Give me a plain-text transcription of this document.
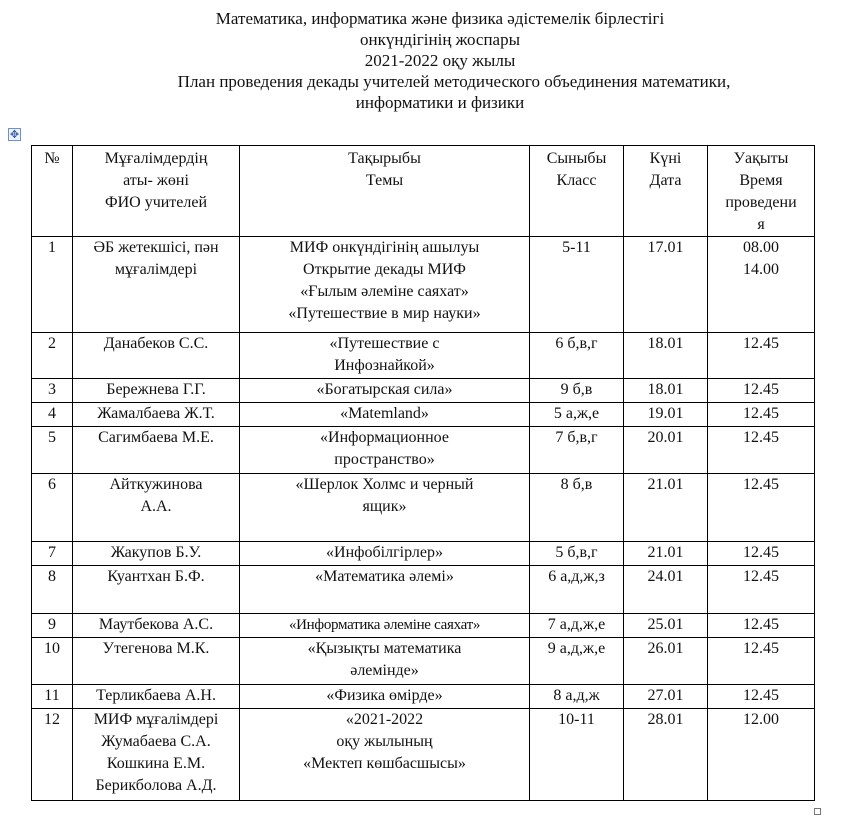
Математика, информатика және физика әдістемелік бірлестігі
онкүндігінің жоспары
2021-2022 оқу жылы
План проведения декады учителей методического объединения математики,
информатики и физики
✥
№	Мұғалімдердің
аты- жөні
ФИО учителей	Тақырыбы
Темы	Сыныбы
Класс	Күні
Дата	Уақыты
Время
проведени
я

1	ӘБ жетекшісі, пән
мұғалімдері	МИФ онкүндігінің ашылуы
Открытие декады МИФ
«Ғылым әлеміне саяхат»
«Путешествие в мир науки»	5-11	17.01	08.00
14.00

2	Данабеков С.С.	«Путешествие с
Инфознайкой»	6 б,в,г	18.01	12.45

3	Бережнева Г.Г.	«Богатырская сила»	9 б,в	18.01	12.45

4	Жамалбаева Ж.Т.	«Matemland»	5 а,ж,е	19.01	12.45

5	Сагимбаева М.Е.	«Информационное
пространство»	7 б,в,г	20.01	12.45

6	Айткужинова
А.А.	«Шерлок Холмс и черный
ящик»	8 б,в	21.01	12.45

7	Жакупов Б.У.	«Инфобілгірлер»	5 б,в,г	21.01	12.45

8	Куантхан Б.Ф.	«Математика әлемі»	6 а,д,ж,з	24.01	12.45

9	Маутбекова А.С.	«Информатика әлеміне саяхат»	7 а,д,ж,е	25.01	12.45

10	Утегенова М.К.	«Қызықты математика
әлемінде»	9 а,д,ж,е	26.01	12.45

11	Терликбаева А.Н.	«Физика өмірде»	8 а,д,ж	27.01	12.45

12	МИФ мұғалімдері
Жумабаева С.А.
Кошкина Е.М.
Берикболова А.Д.	«2021-2022
оқу жылының
«Мектеп көшбасшысы»	10-11	28.01	12.00
